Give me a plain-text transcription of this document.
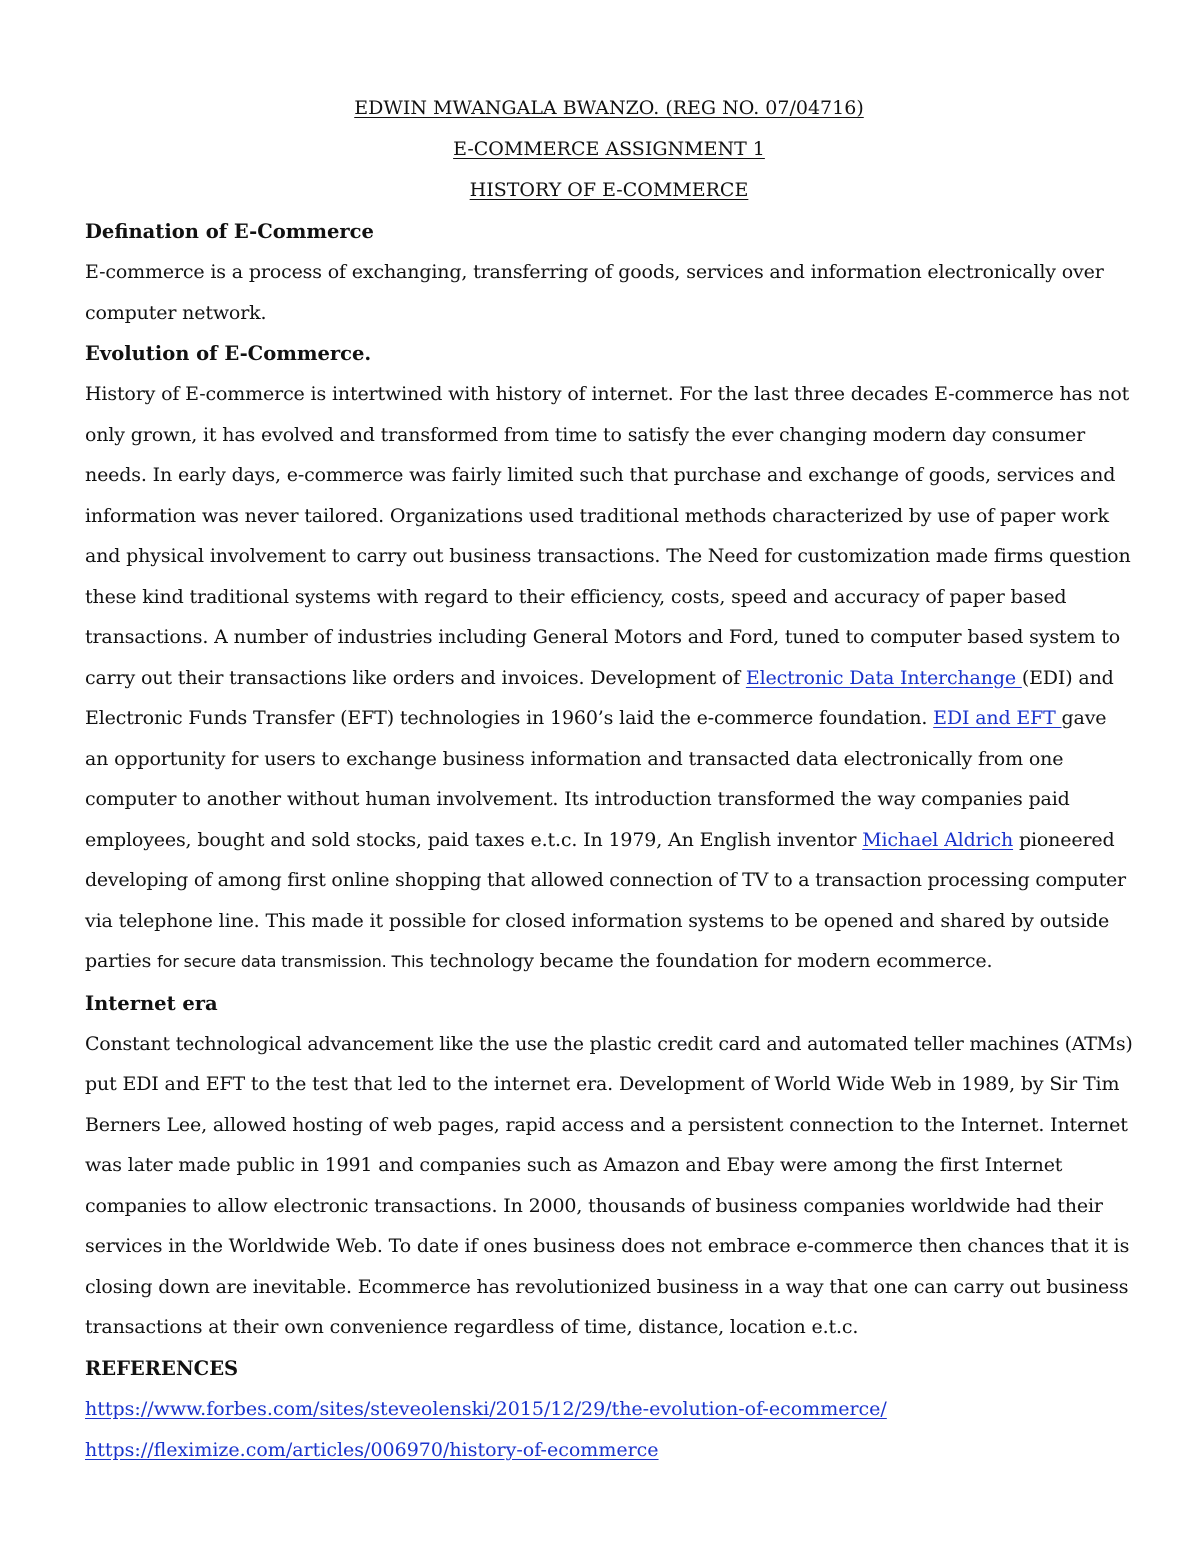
EDWIN MWANGALA BWANZO. (REG NO. 07/04716)

E-COMMERCE ASSIGNMENT 1

HISTORY OF E-COMMERCE

Defination of E-Commerce

E-commerce is a process of exchanging, transferring of goods, services and information electronically over
computer network.

Evolution of E-Commerce.

History of E-commerce is intertwined with history of internet. For the last three decades E-commerce has not
only grown, it has evolved and transformed from time to satisfy the ever changing modern day consumer
needs. In early days, e-commerce was fairly limited such that purchase and exchange of goods, services and
information was never tailored. Organizations used traditional methods characterized by use of paper work
and physical involvement to carry out business transactions. The Need for customization made firms question
these kind traditional systems with regard to their efficiency, costs, speed and accuracy of paper based
transactions. A number of industries including General Motors and Ford, tuned to computer based system to
carry out their transactions like orders and invoices. Development of Electronic Data Interchange (EDI) and
Electronic Funds Transfer (EFT) technologies in 1960’s laid the e-commerce foundation. EDI and EFT gave
an opportunity for users to exchange business information and transacted data electronically from one
computer to another without human involvement. Its introduction transformed the way companies paid
employees, bought and sold stocks, paid taxes e.t.c. In 1979, An English inventor Michael Aldrich pioneered
developing of among first online shopping that allowed connection of TV to a transaction processing computer
via telephone line. This made it possible for closed information systems to be opened and shared by outside
parties for secure data transmission. This technology became the foundation for modern ecommerce.

Internet era

Constant technological advancement like the use the plastic credit card and automated teller machines (ATMs)
put EDI and EFT to the test that led to the internet era. Development of World Wide Web in 1989, by Sir Tim
Berners Lee, allowed hosting of web pages, rapid access and a persistent connection to the Internet. Internet
was later made public in 1991 and companies such as Amazon and Ebay were among the first Internet
companies to allow electronic transactions. In 2000, thousands of business companies worldwide had their
services in the Worldwide Web. To date if ones business does not embrace e-commerce then chances that it is
closing down are inevitable. Ecommerce has revolutionized business in a way that one can carry out business
transactions at their own convenience regardless of time, distance, location e.t.c.

REFERENCES

https://www.forbes.com/sites/steveolenski/2015/12/29/the-evolution-of-ecommerce/
https://fleximize.com/articles/006970/history-of-ecommerce
